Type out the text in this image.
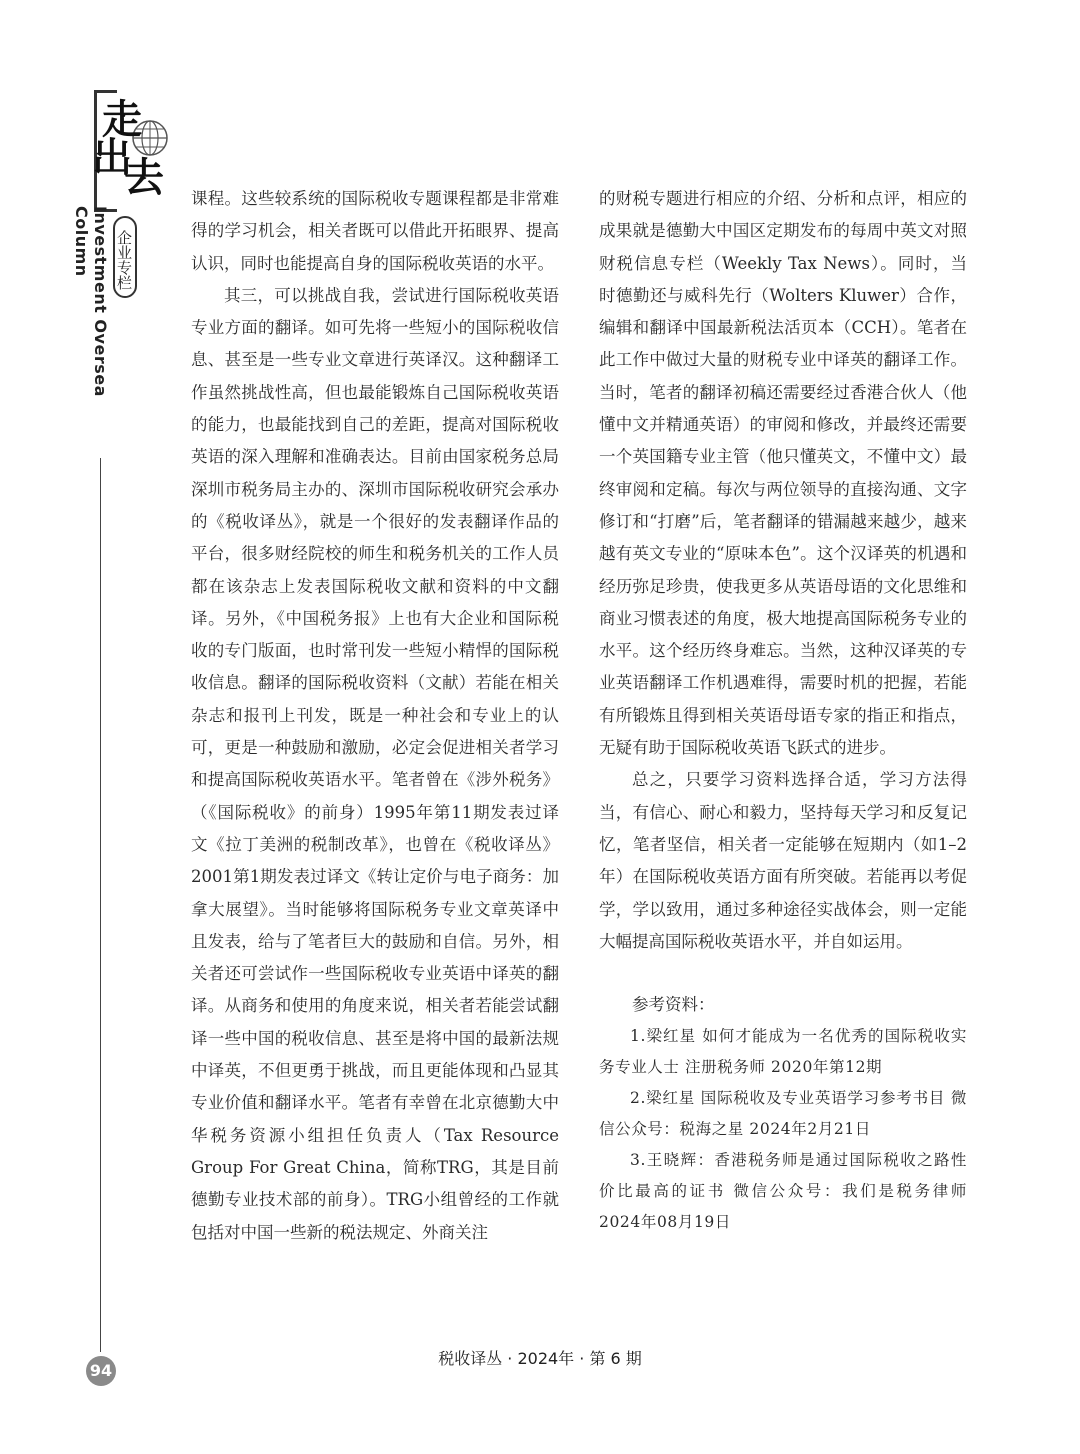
走
出
去
企业专栏
Investment Oversea Column
94

课程。这些较系统的国际税收专题课程都是非常难得的学习机会，相关者既可以借此开拓眼界、提高认识，同时也能提高自身的国际税收英语的水平。

其三，可以挑战自我，尝试进行国际税收英语专业方面的翻译。如可先将一些短小的国际税收信息、甚至是一些专业文章进行英译汉。这种翻译工作虽然挑战性高，但也最能锻炼自己国际税收英语的能力，也最能找到自己的差距，提高对国际税收英语的深入理解和准确表达。目前由国家税务总局深圳市税务局主办的、深圳市国际税收研究会承办的《税收译丛》，就是一个很好的发表翻译作品的平台，很多财经院校的师生和税务机关的工作人员都在该杂志上发表国际税收文献和资料的中文翻译。另外，《中国税务报》上也有大企业和国际税收的专门版面，也时常刊发一些短小精悍的国际税收信息。翻译的国际税收资料（文献）若能在相关杂志和报刊上刊发，既是一种社会和专业上的认可，更是一种鼓励和激励，必定会促进相关者学习和提高国际税收英语水平。笔者曾在《涉外税务》（《国际税收》的前身）1995年第11期发表过译文《拉丁美洲的税制改革》，也曾在《税收译丛》2001第1期发表过译文《转让定价与电子商务：加拿大展望》。当时能够将国际税务专业文章英译中且发表，给与了笔者巨大的鼓励和自信。另外，相关者还可尝试作一些国际税收专业英语中译英的翻译。从商务和使用的角度来说，相关者若能尝试翻译一些中国的税收信息、甚至是将中国的最新法规中译英，不但更勇于挑战，而且更能体现和凸显其专业价值和翻译水平。笔者有幸曾在北京德勤大中华税务资源小组担任负责人（Tax Resource Group For Great China，简称TRG，其是目前德勤专业技术部的前身）。TRG小组曾经的工作就包括对中国一些新的税法规定、外商关注

的财税专题进行相应的介绍、分析和点评，相应的成果就是德勤大中国区定期发布的每周中英文对照财税信息专栏（Weekly Tax News）。同时，当时德勤还与威科先行（Wolters Kluwer）合作，编辑和翻译中国最新税法活页本（CCH）。笔者在此工作中做过大量的财税专业中译英的翻译工作。当时，笔者的翻译初稿还需要经过香港合伙人（他懂中文并精通英语）的审阅和修改，并最终还需要一个英国籍专业主管（他只懂英文，不懂中文）最终审阅和定稿。每次与两位领导的直接沟通、文字修订和“打磨”后，笔者翻译的错漏越来越少，越来越有英文专业的“原味本色”。这个汉译英的机遇和经历弥足珍贵，使我更多从英语母语的文化思维和商业习惯表述的角度，极大地提高国际税务专业的水平。这个经历终身难忘。当然，这种汉译英的专业英语翻译工作机遇难得，需要时机的把握，若能有所锻炼且得到相关英语母语专家的指正和指点，无疑有助于国际税收英语飞跃式的进步。

总之，只要学习资料选择合适，学习方法得当，有信心、耐心和毅力，坚持每天学习和反复记忆，笔者坚信，相关者一定能够在短期内（如1–2年）在国际税收英语方面有所突破。若能再以考促学，学以致用，通过多种途径实战体会，则一定能大幅提高国际税收英语水平，并自如运用。

参考资料：

1.梁红星 如何才能成为一名优秀的国际税收实务专业人士 注册税务师 2020年第12期

2.梁红星 国际税收及专业英语学习参考书目 微信公众号：税海之星 2024年2月21日

3.王晓辉：香港税务师是通过国际税收之路性价比最高的证书 微信公众号：我们是税务律师 2024年08月19日

税收译丛 · 2024年 · 第 6 期
